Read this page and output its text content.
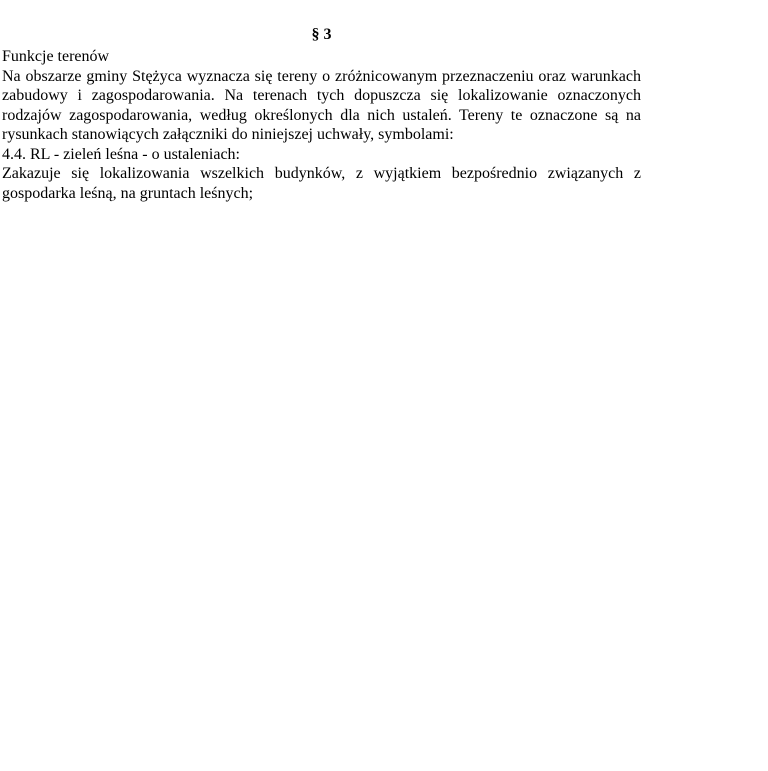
§ 3

Funkcje terenów

Na obszarze gminy Stężyca wyznacza się tereny o zróżnicowanym przeznaczeniu oraz warunkach zabudowy i zagospodarowania. Na terenach tych dopuszcza się lokalizowanie oznaczonych rodzajów zagospodarowania, według określonych dla nich ustaleń. Tereny te oznaczone są na rysunkach stanowiących załączniki do niniejszej uchwały, symbolami:

4.4. RL - zieleń leśna - o ustaleniach:

Zakazuje się lokalizowania wszelkich budynków, z wyjątkiem bezpośrednio związanych z gospodarka leśną, na gruntach leśnych;
